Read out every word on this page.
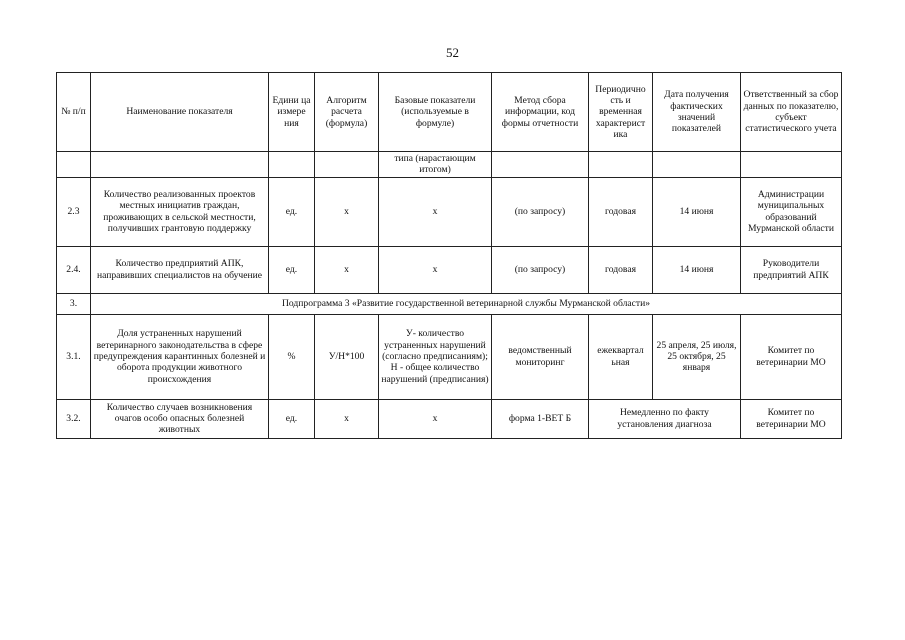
52
№ п/п	Наименование показателя	Едини ца измере ния	Алгоритм расчета (формула)	Базовые показатели (используемые в формуле)	Метод сбора информации, код формы отчетности	Периодично сть и временная характерист ика	Дата получения фактических значений показателей	Ответственный за сбор данных по показателю, субъект статистического учета
				типа (нарастающим итогом)				
2.3	Количество реализованных проектов местных инициатив граждан, проживающих в сельской местности, получивших грантовую поддержку	ед.	х	х	(по запросу)	годовая	14 июня	Администрации муниципальных образований Мурманской области
2.4.	Количество предприятий АПК, направивших специалистов на обучение	ед.	х	х	(по запросу)	годовая	14 июня	Руководители предприятий АПК
3.	Подпрограмма 3 «Развитие государственной ветеринарной службы Мурманской области»							
3.1.	Доля устраненных нарушений ветеринарного законодательства в сфере предупреждения карантинных болезней и оборота продукции животного происхождения	%	У/Н*100	У- количество устраненных нарушений (согласно предписаниям); Н - общее количество нарушений (предписания)	ведомственный мониторинг	ежеквартал ьная	25 апреля, 25 июля, 25 октября, 25 января	Комитет по ветеринарии МО
3.2.	Количество случаев возникновения очагов особо опасных болезней животных	ед.	х	х	форма 1-ВЕТ Б	Немедленно по факту установления диагноза		Комитет по ветеринарии МО
